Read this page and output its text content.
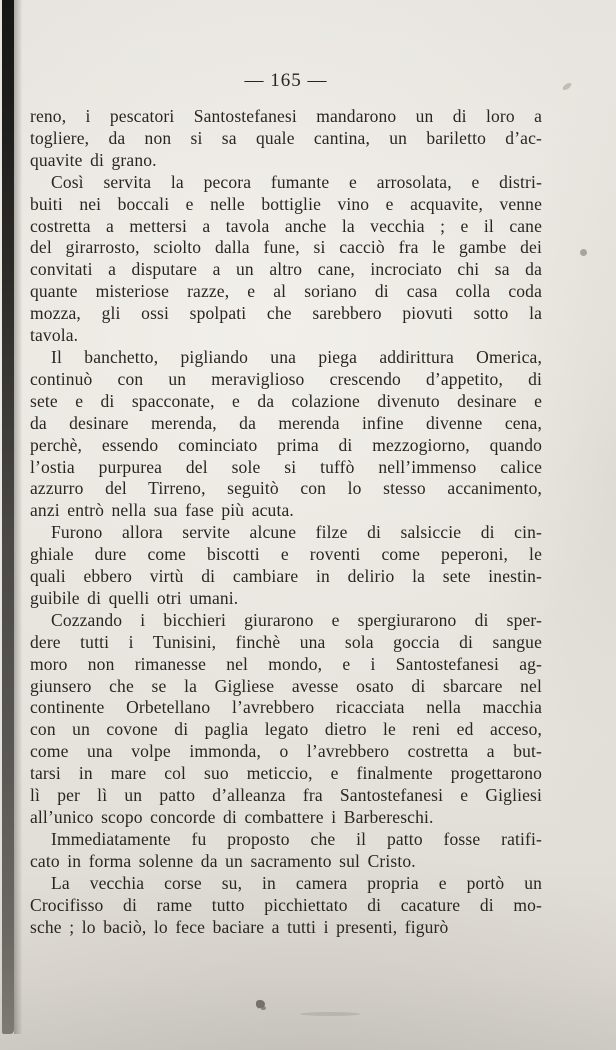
— 165 —
reno, i pescatori Santostefanesi mandarono un di loro a
togliere, da non si sa quale cantina, un bariletto d’ac-
quavite di grano.
Così servita la pecora fumante e arrosolata, e distri-
buiti nei boccali e nelle bottiglie vino e acquavite, venne
costretta a mettersi a tavola anche la vecchia ; e il cane
del girarrosto, sciolto dalla fune, si cacciò fra le gambe dei
convitati a disputare a un altro cane, incrociato chi sa da
quante misteriose razze, e al soriano di casa colla coda
mozza, gli ossi spolpati che sarebbero piovuti sotto la
tavola.
Il banchetto, pigliando una piega addirittura Omerica,
continuò con un meraviglioso crescendo d’appetito, di
sete e di spacconate, e da colazione divenuto desinare e
da desinare merenda, da merenda infine divenne cena,
perchè, essendo cominciato prima di mezzogiorno, quando
l’ostia purpurea del sole si tuffò nell’immenso calice
azzurro del Tirreno, seguitò con lo stesso accanimento,
anzi entrò nella sua fase più acuta.
Furono allora servite alcune filze di salsiccie di cin-
ghiale dure come biscotti e roventi come peperoni, le
quali ebbero virtù di cambiare in delirio la sete inestin-
guibile di quelli otri umani.
Cozzando i bicchieri giurarono e spergiurarono di sper-
dere tutti i Tunisini, finchè una sola goccia di sangue
moro non rimanesse nel mondo, e i Santostefanesi ag-
giunsero che se la Gigliese avesse osato di sbarcare nel
continente Orbetellano l’avrebbero ricacciata nella macchia
con un covone di paglia legato dietro le reni ed acceso,
come una volpe immonda, o l’avrebbero costretta a but-
tarsi in mare col suo meticcio, e finalmente progettarono
lì per lì un patto d’alleanza fra Santostefanesi e Gigliesi
all’unico scopo concorde di combattere i Barbereschi.
Immediatamente fu proposto che il patto fosse ratifi-
cato in forma solenne da un sacramento sul Cristo.
La vecchia corse su, in camera propria e portò un
Crocifisso di rame tutto picchiettato di cacature di mo-
sche ; lo baciò, lo fece baciare a tutti i presenti, figurò
